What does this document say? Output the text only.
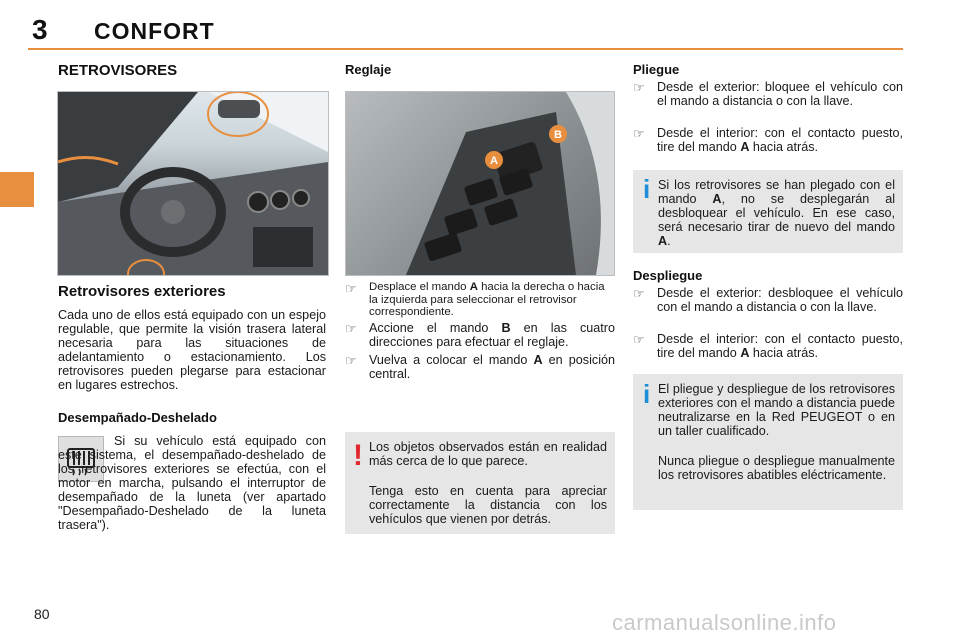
3 CONFORT
RETROVISORES
Retrovisores exteriores
Cada uno de ellos está equipado con un espejo regulable, que permite la visión trasera lateral necesaria para las situaciones de adelantamiento o estacionamiento. Los retrovisores pueden plegarse para estacionar en lugares estrechos.
Desempañado-Deshelado
Si su vehículo está equipado con este sistema, el desempañado-deshelado de los retrovisores exteriores se efectúa, con el motor en marcha, pulsando el interruptor de desempañado de la luneta (ver apartado "Desempañado-Deshelado de la luneta trasera").
Reglaje
A
B
☞ Desplace el mando A hacia la derecha o hacia la izquierda para seleccionar el retrovisor correspondiente.
☞ Accione el mando B en las cuatro direcciones para efectuar el reglaje.
☞ Vuelva a colocar el mando A en posición central.
! Los objetos observados están en realidad más cerca de lo que parece.
Tenga esto en cuenta para apreciar correctamente la distancia con los vehículos que vienen por detrás.
Pliegue
☞ Desde el exterior: bloquee el vehículo con el mando a distancia o con la llave.
☞ Desde el interior: con el contacto puesto, tire del mando A hacia atrás.
i Si los retrovisores se han plegado con el mando A, no se desplegarán al desbloquear el vehículo. En ese caso, será necesario tirar de nuevo del mando A.
Despliegue
☞ Desde el exterior: desbloquee el vehículo con el mando a distancia o con la llave.
☞ Desde el interior: con el contacto puesto, tire del mando A hacia atrás.
i El pliegue y despliegue de los retrovisores exteriores con el mando a distancia puede neutralizarse en la Red PEUGEOT o en un taller cualificado.
Nunca pliegue o despliegue manualmente los retrovisores abatibles eléctricamente.
80	carmanualsonline.info
